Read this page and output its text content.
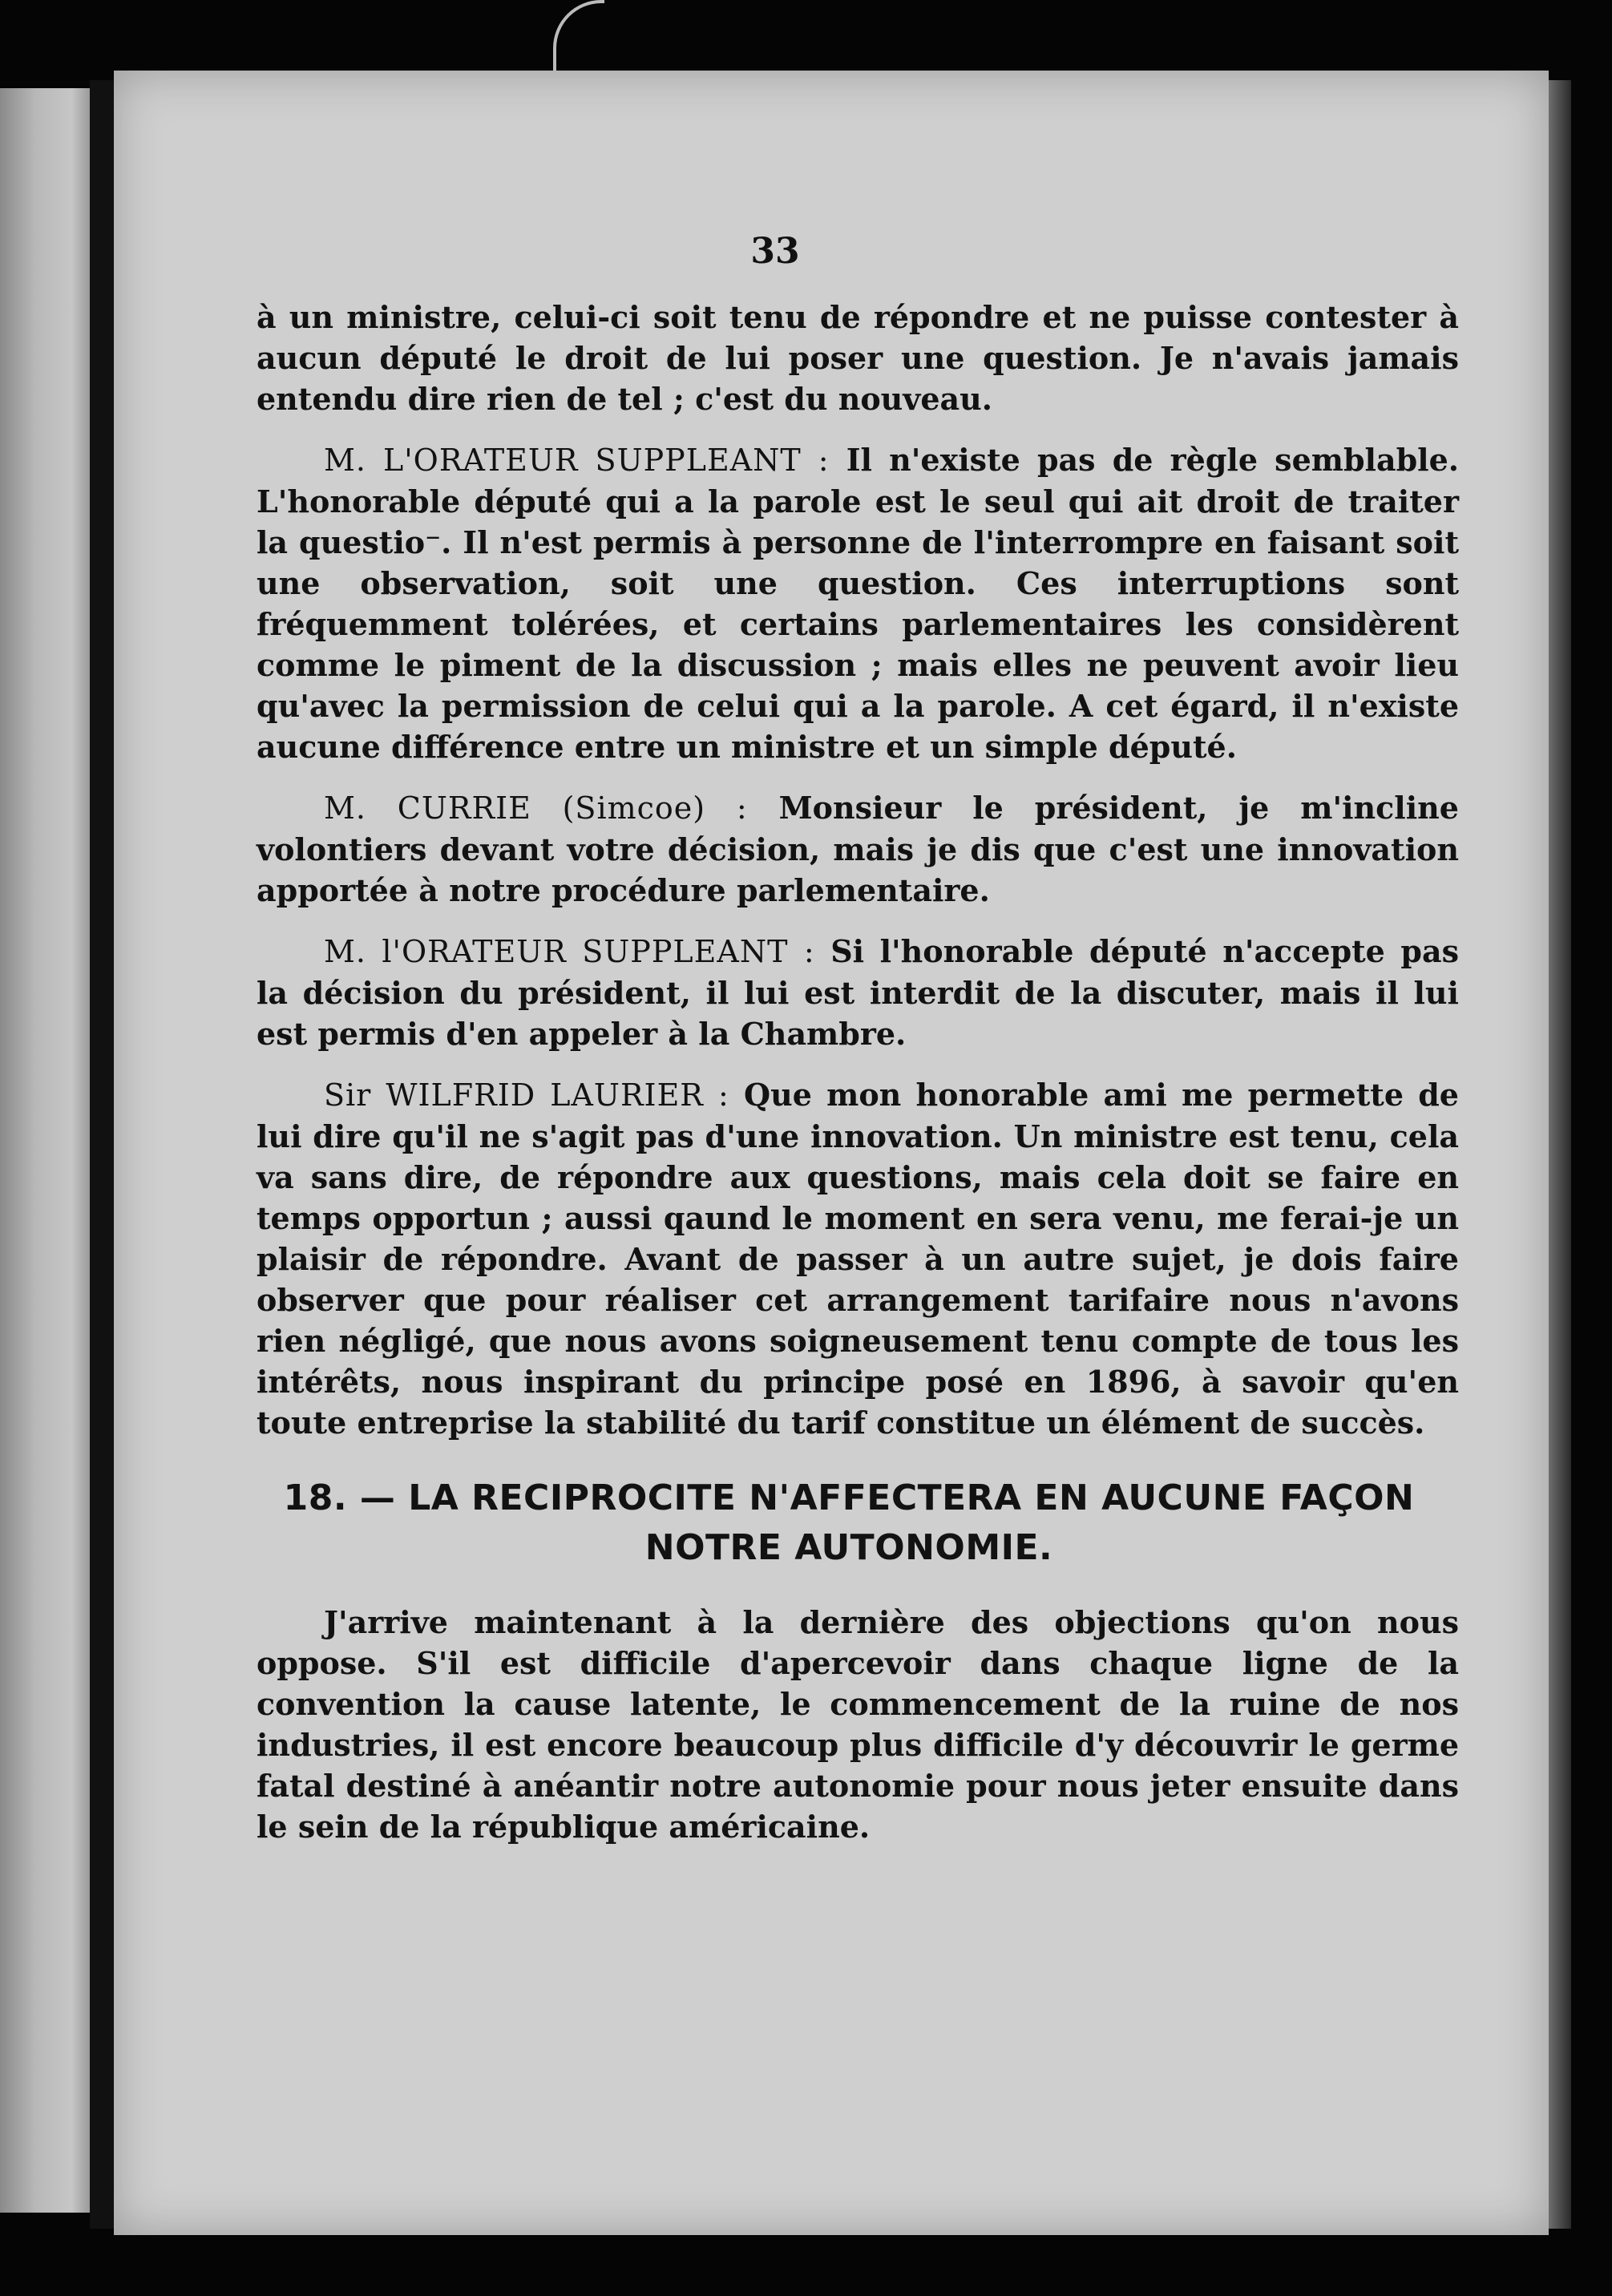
33

à un ministre, celui-ci soit tenu de répondre et ne puisse contester à aucun député le droit de lui poser une question. Je n'avais jamais entendu dire rien de tel ; c'est du nouveau.

M. L'ORATEUR SUPPLEANT : Il n'existe pas de règle semblable. L'honorable député qui a la parole est le seul qui ait droit de traiter la questio⁻. Il n'est permis à personne de l'interrompre en faisant soit une observation, soit une question. Ces interruptions sont fréquemment tolérées, et certains parlementaires les considèrent comme le piment de la discussion ; mais elles ne peuvent avoir lieu qu'avec la permission de celui qui a la parole. A cet égard, il n'existe aucune différence entre un ministre et un simple député.

M. CURRIE (Simcoe) : Monsieur le président, je m'incline volontiers devant votre décision, mais je dis que c'est une innovation apportée à notre procédure parlementaire.

M. l'ORATEUR SUPPLEANT : Si l'honorable député n'accepte pas la décision du président, il lui est interdit de la discuter, mais il lui est permis d'en appeler à la Chambre.

Sir WILFRID LAURIER : Que mon honorable ami me permette de lui dire qu'il ne s'agit pas d'une innovation. Un ministre est tenu, cela va sans dire, de répondre aux questions, mais cela doit se faire en temps opportun ; aussi qaund le moment en sera venu, me ferai-je un plaisir de répondre. Avant de passer à un autre sujet, je dois faire observer que pour réaliser cet arrangement tarifaire nous n'avons rien négligé, que nous avons soigneusement tenu compte de tous les intérêts, nous inspirant du principe posé en 1896, à savoir qu'en toute entreprise la stabilité du tarif constitue un élément de succès.

18. — LA RECIPROCITE N'AFFECTERA EN AUCUNE FAÇON
NOTRE AUTONOMIE.

J'arrive maintenant à la dernière des objections qu'on nous oppose. S'il est difficile d'apercevoir dans chaque ligne de la convention la cause latente, le commencement de la ruine de nos industries, il est encore beaucoup plus difficile d'y découvrir le germe fatal destiné à anéantir notre autonomie pour nous jeter ensuite dans le sein de la république américaine.
